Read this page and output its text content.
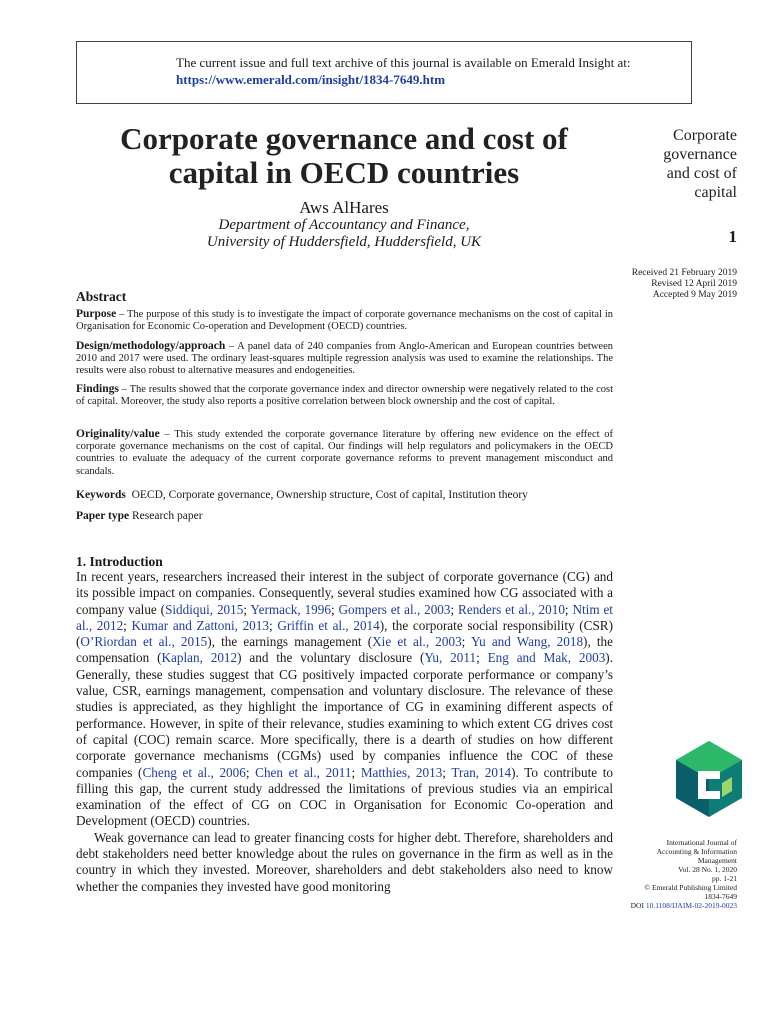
The current issue and full text archive of this journal is available on Emerald Insight at:
https://www.emerald.com/insight/1834-7649.htm
Corporate governance and cost of
capital in OECD countries
Aws AlHares
Department of Accountancy and Finance,
University of Huddersfield, Huddersfield, UK
Corporate
governance
and cost of
capital
1
Received 21 February 2019
Revised 12 April 2019
Accepted 9 May 2019
Abstract
Purpose – The purpose of this study is to investigate the impact of corporate governance mechanisms on the cost of capital in Organisation for Economic Co-operation and Development (OECD) countries.
Design/methodology/approach – A panel data of 240 companies from Anglo-American and European countries between 2010 and 2017 were used. The ordinary least-squares multiple regression analysis was used to examine the relationships. The results were also robust to alternative measures and endogeneities.
Findings – The results showed that the corporate governance index and director ownership were negatively related to the cost of capital. Moreover, the study also reports a positive correlation between block ownership and the cost of capital.
Originality/value – This study extended the corporate governance literature by offering new evidence on the effect of corporate governance mechanisms on the cost of capital. Our findings will help regulators and policymakers in the OECD countries to evaluate the adequacy of the current corporate governance reforms to prevent management misconduct and scandals.
Keywords OECD, Corporate governance, Ownership structure, Cost of capital, Institution theory
Paper type Research paper
1. Introduction

In recent years, researchers increased their interest in the subject of corporate governance (CG) and its possible impact on companies. Consequently, several studies examined how CG associated with a company value (Siddiqui, 2015; Yermack, 1996; Gompers et al., 2003; Renders et al., 2010; Ntim et al., 2012; Kumar and Zattoni, 2013; Griffin et al., 2014), the corporate social responsibility (CSR) (O’Riordan et al., 2015), the earnings management (Xie et al., 2003; Yu and Wang, 2018), the compensation (Kaplan, 2012) and the voluntary disclosure (Yu, 2011; Eng and Mak, 2003). Generally, these studies suggest that CG positively impacted corporate performance or company’s value, CSR, earnings management, compensation and voluntary disclosure. The relevance of these studies is appreciated, as they highlight the importance of CG in examining different aspects of performance. However, in spite of their relevance, studies examining to which extent CG drives cost of capital (COC) remain scarce. More specifically, there is a dearth of studies on how different corporate governance mechanisms (CGMs) used by companies influence the COC of these companies (Cheng et al., 2006; Chen et al., 2011; Matthies, 2013; Tran, 2014). To contribute to filling this gap, the current study addressed the limitations of previous studies via an empirical examination of the effect of CG on COC in Organisation for Economic Co-operation and Development (OECD) countries.

Weak governance can lead to greater financing costs for higher debt. Therefore, shareholders and debt stakeholders need better knowledge about the rules on governance in the firm as well as in the country in which they invested. Moreover, shareholders and debt stakeholders also need to know whether the companies they invested have good monitoring

International Journal of
Accounting & Information
Management
Vol. 28 No. 1, 2020
pp. 1-21
© Emerald Publishing Limited
1834-7649
DOI 10.1108/IJAIM-02-2019-0023
